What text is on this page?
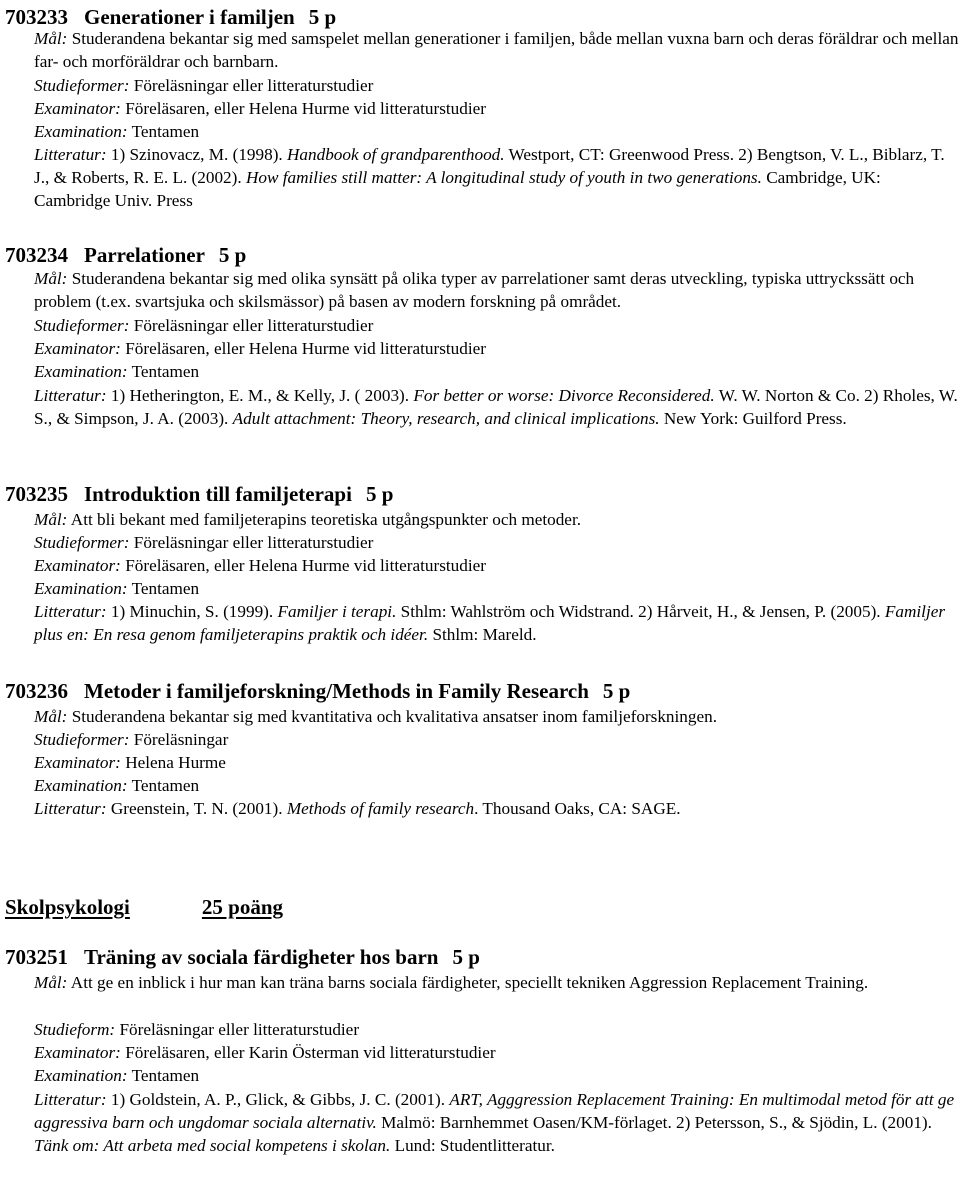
703233 Generationer i familjen 5 p

Mål: Studerandena bekantar sig med samspelet mellan generationer i familjen, både mellan vuxna barn och deras föräldrar och mellan far- och morföräldrar och barnbarn.

Studieformer: Föreläsningar eller litteraturstudier

Examinator: Föreläsaren, eller Helena Hurme vid litteraturstudier

Examination: Tentamen

Litteratur: 1) Szinovacz, M. (1998). Handbook of grandparenthood. Westport, CT: Greenwood Press. 2) Bengtson, V. L., Biblarz, T. J., & Roberts, R. E. L. (2002). How families still matter: A longitudinal study of youth in two generations. Cambridge, UK: Cambridge Univ. Press

703234 Parrelationer 5 p

Mål: Studerandena bekantar sig med olika synsätt på olika typer av parrelationer samt deras utveckling, typiska uttryckssätt och problem (t.ex. svartsjuka och skilsmässor) på basen av modern forskning på området.

Studieformer: Föreläsningar eller litteraturstudier

Examinator: Föreläsaren, eller Helena Hurme vid litteraturstudier

Examination: Tentamen

Litteratur: 1) Hetherington, E. M., & Kelly, J. ( 2003). For better or worse: Divorce Reconsidered. W. W. Norton & Co. 2) Rholes, W. S., & Simpson, J. A. (2003). Adult attachment: Theory, research, and clinical implications. New York: Guilford Press.

703235 Introduktion till familjeterapi 5 p

Mål: Att bli bekant med familjeterapins teoretiska utgångspunkter och metoder.

Studieformer: Föreläsningar eller litteraturstudier

Examinator: Föreläsaren, eller Helena Hurme vid litteraturstudier

Examination: Tentamen

Litteratur: 1) Minuchin, S. (1999). Familjer i terapi. Sthlm: Wahlström och Widstrand. 2) Hårveit, H., & Jensen, P. (2005). Familjer plus en: En resa genom familjeterapins praktik och idéer. Sthlm: Mareld.

703236 Metoder i familjeforskning/Methods in Family Research 5 p

Mål: Studerandena bekantar sig med kvantitativa och kvalitativa ansatser inom familjeforskningen.

Studieformer: Föreläsningar

Examinator: Helena Hurme

Examination: Tentamen

Litteratur: Greenstein, T. N. (2001). Methods of family research. Thousand Oaks, CA: SAGE.

Skolpsykologi	25 poäng
703251 Träning av sociala färdigheter hos barn 5 p

Mål: Att ge en inblick i hur man kan träna barns sociala färdigheter, speciellt tekniken Aggression Replacement Training.

Studieform: Föreläsningar eller litteraturstudier

Examinator: Föreläsaren, eller Karin Österman vid litteraturstudier

Examination: Tentamen

Litteratur: 1) Goldstein, A. P., Glick, & Gibbs, J. C. (2001). ART, Agggression Replacement Training: En multimodal metod för att ge aggressiva barn och ungdomar sociala alternativ. Malmö: Barnhemmet Oasen/KM-förlaget. 2) Petersson, S., & Sjödin, L. (2001). Tänk om: Att arbeta med social kompetens i skolan. Lund: Studentlitteratur.
